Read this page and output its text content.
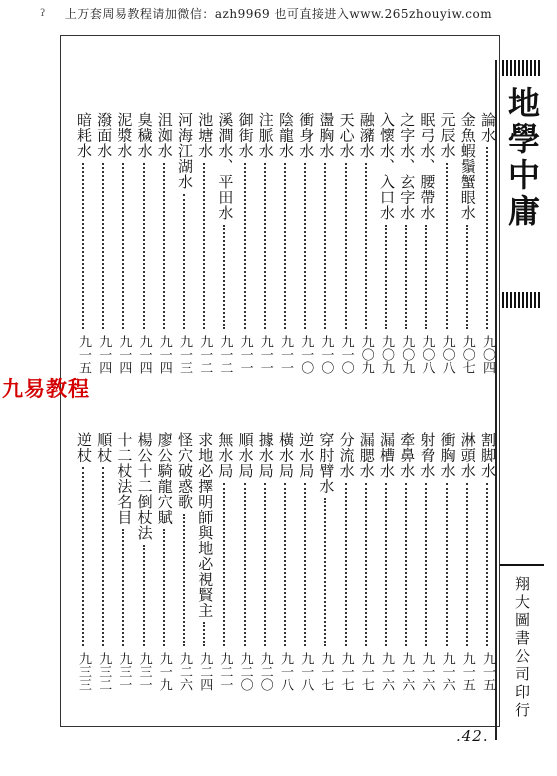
上万套周易教程请加微信：azh9969 也可直接进入www.265zhouyiw.com
ʔ
地學中庸
翔大圖書公司印行
九易教程
論水
九〇四
金魚蝦鬚蟹眼水
九〇七
元辰水
九〇八
眠弓水、腰帶水
九〇八
之字水、玄字水
九〇九
入懷水、入口水
九〇九
融瀦水
九〇九
天心水
九一〇
盪胸水
九一〇
衝身水
九一〇
陰龍水
九一一
注脈水
九一一
御街水
九一一
溪澗水、平田水
九一二
池塘水
九一二
河海江湖水
九一三
沮洳水
九一四
臭穢水
九一四
泥漿水
九一四
潑面水
九一四
暗耗水
九一五
割脚水
九一五
淋頭水
九一五
衝胸水
九一六
射脅水
九一六
牽鼻水
九一六
漏槽水
九一六
漏腮水
九一七
分流水
九一七
穿肘臂水
九一七
逆水局
九一八
橫水局
九一八
據水局
九二〇
順水局
九二〇
無水局
九二一
求地必擇明師與地必視賢主
九二四
怪穴破惑歌
九二六
廖公騎龍穴賦
九一九
楊公十二倒杖法
九三一
十二杖法名目
九三一
順杖
九三二
逆杖
九三三
.42.
